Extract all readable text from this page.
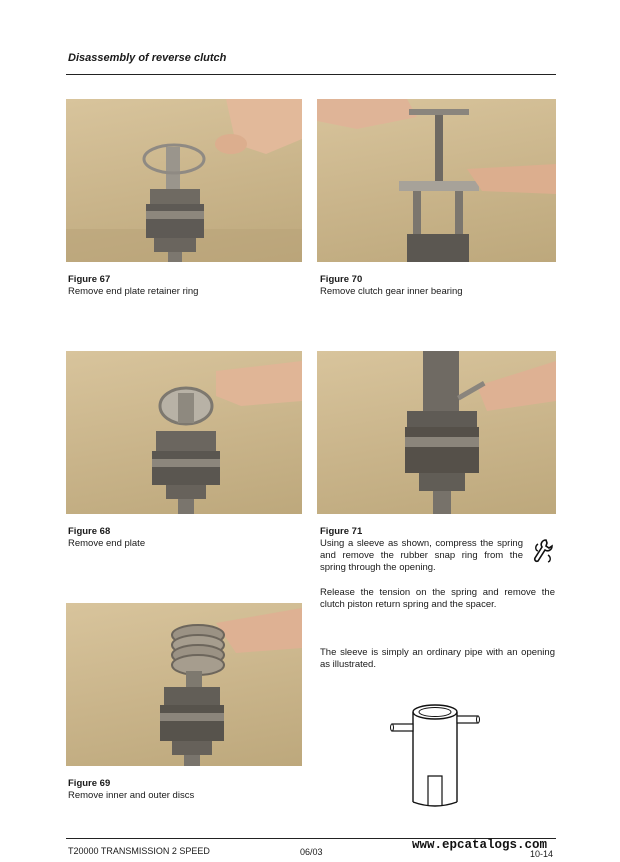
Disassembly of reverse clutch
Figure 67
Remove end plate retainer ring
Figure 70
Remove clutch gear inner bearing
Figure 68
Remove end plate
Figure 71
Using a sleeve as shown, compress the spring and remove the rubber snap ring from the spring through the opening.
Release the tension on the spring and remove the clutch piston return spring and the spacer.
The sleeve is simply an ordinary pipe with an opening as illustrated.
Figure 69
Remove inner and outer discs
T20000 TRANSMISSION 2 SPEED	06/03	10-14
www.epcatalogs.com
